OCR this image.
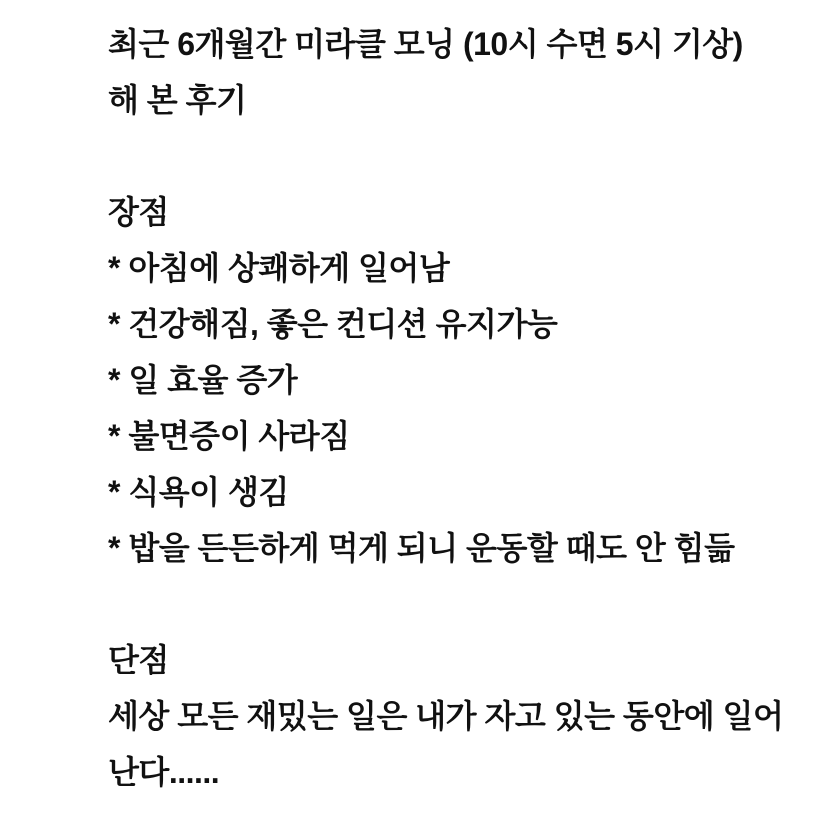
최근 6개월간 미라클 모닝 (10시 수면 5시 기상)
해 본 후기
장점
* 아침에 상쾌하게 일어남
* 건강해짐, 좋은 컨디션 유지가능
* 일 효율 증가
* 불면증이 사라짐
* 식욕이 생김
* 밥을 든든하게 먹게 되니 운동할 때도 안 힘듦
단점
세상 모든 재밌는 일은 내가 자고 있는 동안에 일어
난다......
